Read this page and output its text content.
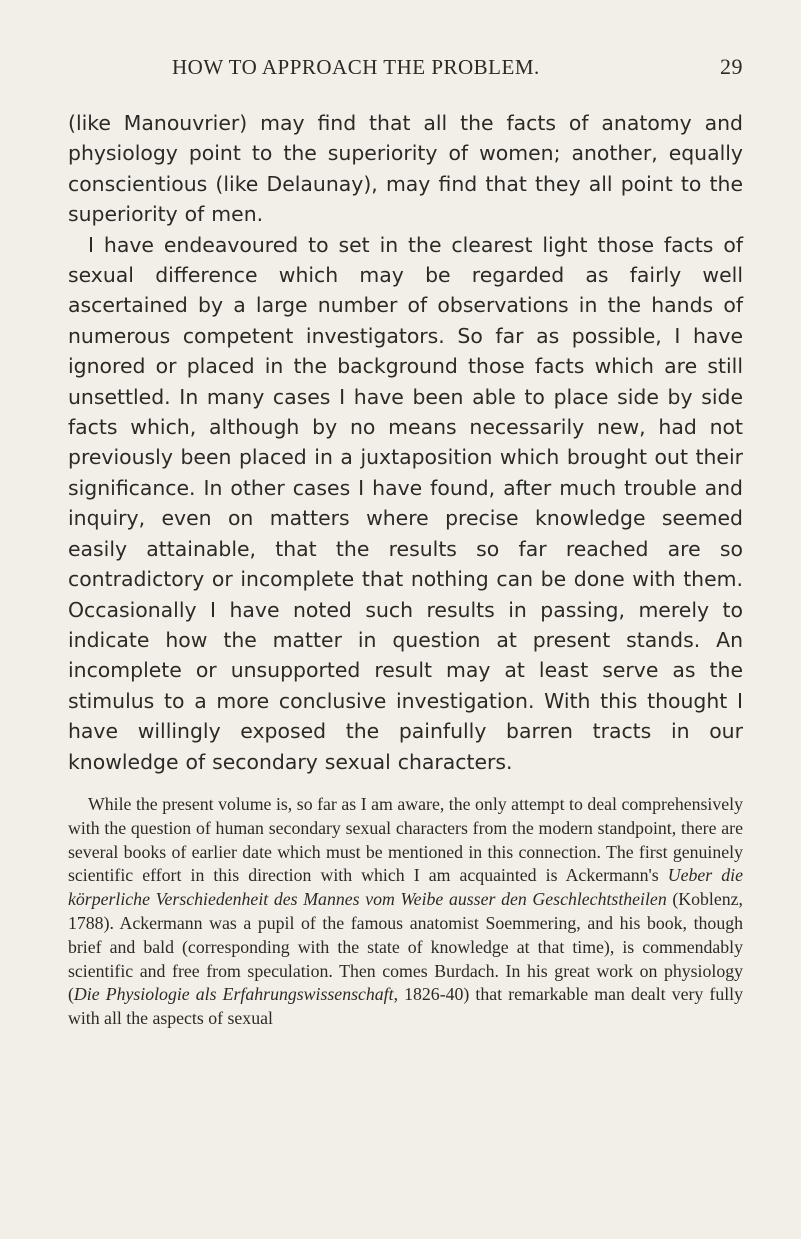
HOW TO APPROACH THE PROBLEM.	29

(like Manouvrier) may find that all the facts of anatomy and physiology point to the superiority of women; another, equally conscientious (like Delaunay), may find that they all point to the superiority of men.

I have endeavoured to set in the clearest light those facts of sexual difference which may be regarded as fairly well ascertained by a large number of observations in the hands of numerous competent investigators. So far as possible, I have ignored or placed in the background those facts which are still unsettled. In many cases I have been able to place side by side facts which, although by no means necessarily new, had not previously been placed in a juxtaposition which brought out their significance. In other cases I have found, after much trouble and inquiry, even on matters where precise knowledge seemed easily attainable, that the results so far reached are so contradictory or incomplete that nothing can be done with them. Occasionally I have noted such results in passing, merely to indicate how the matter in question at present stands. An incomplete or unsupported result may at least serve as the stimulus to a more conclusive investigation. With this thought I have willingly exposed the painfully barren tracts in our knowledge of secondary sexual characters.

While the present volume is, so far as I am aware, the only attempt to deal comprehensively with the question of human secondary sexual characters from the modern standpoint, there are several books of earlier date which must be mentioned in this connection. The first genuinely scientific effort in this direction with which I am acquainted is Ackermann's Ueber die körperliche Verschiedenheit des Mannes vom Weibe ausser den Geschlechtstheilen (Koblenz, 1788). Ackermann was a pupil of the famous anatomist Soemmering, and his book, though brief and bald (corresponding with the state of knowledge at that time), is commendably scientific and free from speculation. Then comes Burdach. In his great work on physiology (Die Physiologie als Erfahrungswissenschaft, 1826-40) that remarkable man dealt very fully with all the aspects of sexual
